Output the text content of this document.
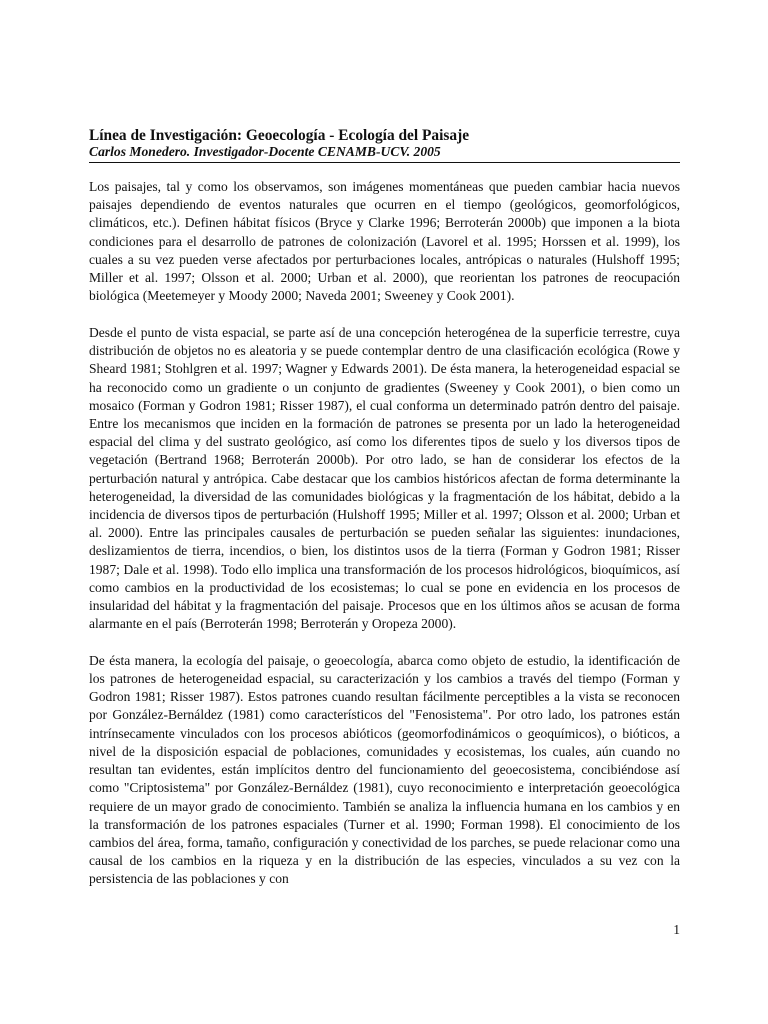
Línea de Investigación: Geoecología - Ecología del Paisaje

Carlos Monedero. Investigador-Docente CENAMB-UCV. 2005

Los paisajes, tal y como los observamos, son imágenes momentáneas que pueden cambiar hacia nuevos paisajes dependiendo de eventos naturales que ocurren en el tiempo (geológicos, geomorfológicos, climáticos, etc.). Definen hábitat físicos (Bryce y Clarke 1996; Berroterán 2000b) que imponen a la biota condiciones para el desarrollo de patrones de colonización (Lavorel et al. 1995; Horssen et al. 1999), los cuales a su vez pueden verse afectados por perturbaciones locales, antrópicas o naturales (Hulshoff 1995; Miller et al. 1997; Olsson et al. 2000; Urban et al. 2000), que reorientan los patrones de reocupación biológica (Meetemeyer y Moody 2000; Naveda 2001; Sweeney y Cook 2001).

Desde el punto de vista espacial, se parte así de una concepción heterogénea de la superficie terrestre, cuya distribución de objetos no es aleatoria y se puede contemplar dentro de una clasificación ecológica (Rowe y Sheard 1981; Stohlgren et al. 1997; Wagner y Edwards 2001). De ésta manera, la heterogeneidad espacial se ha reconocido como un gradiente o un conjunto de gradientes (Sweeney y Cook 2001), o bien como un mosaico (Forman y Godron 1981; Risser 1987), el cual conforma un determinado patrón dentro del paisaje. Entre los mecanismos que inciden en la formación de patrones se presenta por un lado la heterogeneidad espacial del clima y del sustrato geológico, así como los diferentes tipos de suelo y los diversos tipos de vegetación (Bertrand 1968; Berroterán 2000b). Por otro lado, se han de considerar los efectos de la perturbación natural y antrópica. Cabe destacar que los cambios históricos afectan de forma determinante la heterogeneidad, la diversidad de las comunidades biológicas y la fragmentación de los hábitat, debido a la incidencia de diversos tipos de perturbación (Hulshoff 1995; Miller et al. 1997; Olsson et al. 2000; Urban et al. 2000). Entre las principales causales de perturbación se pueden señalar las siguientes: inundaciones, deslizamientos de tierra, incendios, o bien, los distintos usos de la tierra (Forman y Godron 1981; Risser 1987; Dale et al. 1998). Todo ello implica una transformación de los procesos hidrológicos, bioquímicos, así como cambios en la productividad de los ecosistemas; lo cual se pone en evidencia en los procesos de insularidad del hábitat y la fragmentación del paisaje. Procesos que en los últimos años se acusan de forma alarmante en el país (Berroterán 1998; Berroterán y Oropeza 2000).

De ésta manera, la ecología del paisaje, o geoecología, abarca como objeto de estudio, la identificación de los patrones de heterogeneidad espacial, su caracterización y los cambios a través del tiempo (Forman y Godron 1981; Risser 1987). Estos patrones cuando resultan fácilmente perceptibles a la vista se reconocen por González-Bernáldez (1981) como característicos del "Fenosistema". Por otro lado, los patrones están intrínsecamente vinculados con los procesos abióticos (geomorfodinámicos o geoquímicos), o bióticos, a nivel de la disposición espacial de poblaciones, comunidades y ecosistemas, los cuales, aún cuando no resultan tan evidentes, están implícitos dentro del funcionamiento del geoecosistema, concibiéndose así como "Criptosistema" por González-Bernáldez (1981), cuyo reconocimiento e interpretación geoecológica requiere de un mayor grado de conocimiento. También se analiza la influencia humana en los cambios y en la transformación de los patrones espaciales (Turner et al. 1990; Forman 1998). El conocimiento de los cambios del área, forma, tamaño, configuración y conectividad de los parches, se puede relacionar como una causal de los cambios en la riqueza y en la distribución de las especies, vinculados a su vez con la persistencia de las poblaciones y con

1
